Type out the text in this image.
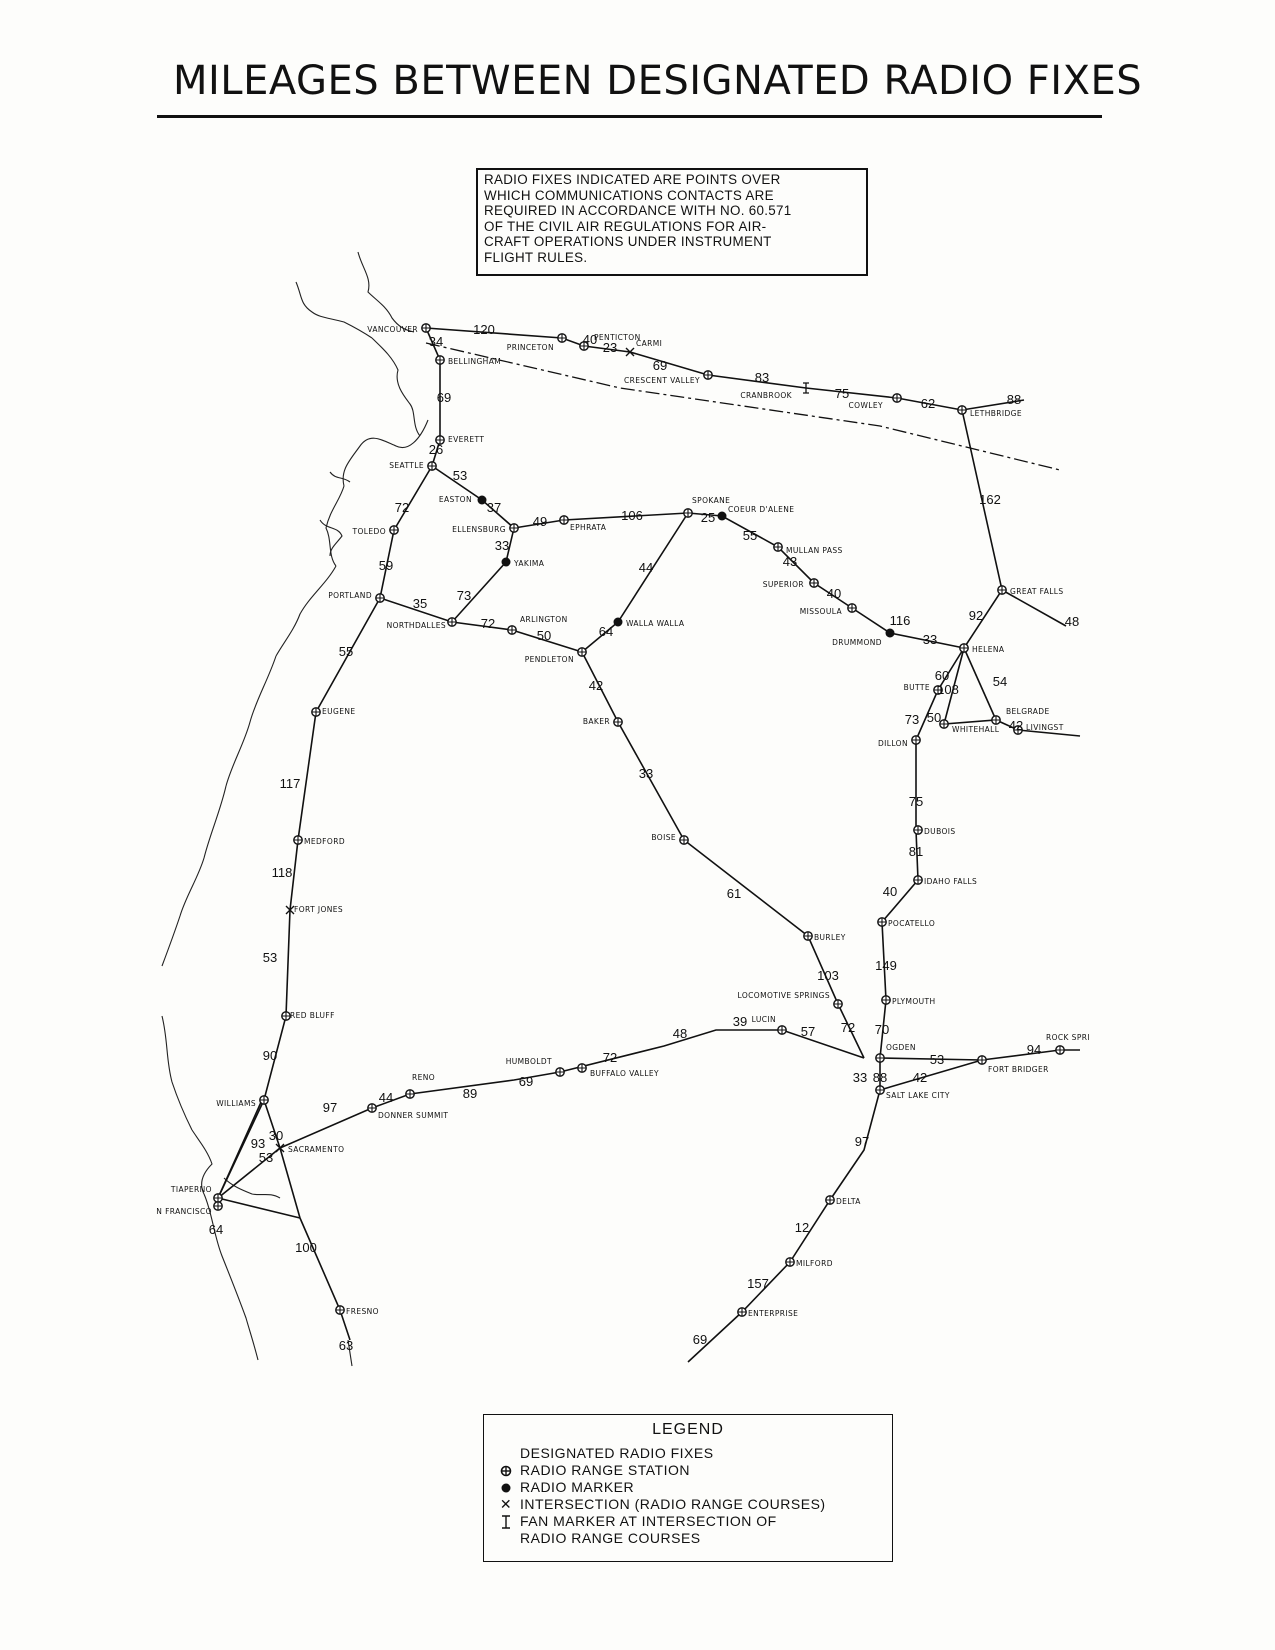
MILEAGES BETWEEN DESIGNATED RADIO FIXES
RADIO FIXES INDICATED ARE POINTS OVER
WHICH COMMUNICATIONS CONTACTS ARE
REQUIRED IN ACCORDANCE WITH NO. 60.571
OF THE CIVIL AIR REGULATIONS FOR AIR-
CRAFT OPERATIONS UNDER INSTRUMENT
FLIGHT RULES.
VANCOUVER
PRINCETON
PENTICTON
CARMI
BELLINGHAM
CRESCENT VALLEY
CRANBROOK
COWLEY
LETHBRIDGE
EVERETT
SEATTLE
EASTON
ELLENSBURG	EPHRATA
SPOKANE
COEUR D'ALENE
MULLAN PASS
TOLEDO
YAKIMA
SUPERIOR
MISSOULA
GREAT FALLS
PORTLAND
NORTHDALLES
ARLINGTON	WALLA WALLA
PENDLETON
DRUMMOND
HELENA
BUTTE
WHITEHALL
BELGRADE
LIVINGST
DILLON
EUGENE
BAKER
DUBOIS
IDAHO FALLS
MEDFORD	BOISE
FORT JONES
POCATELLO
BURLEY
PLYMOUTH
LOCOMOTIVE SPRINGS
RED BLUFF	LUCIN
ROCK SPRI
OGDEN
FORT BRIDGER
HUMBOLDT
BUFFALO VALLEY
RENO
DONNER SUMMIT
WILLIAMS
SALT LAKE CITY
SACRAMENTO
TIAPERNO
N FRANCISCO
DELTA
MILFORD
ENTERPRISE
FRESNO
120
40
23
69
83
75
62	88
34
69
26
53
37
49	106	25
55
72
33
43
40
162
59
73
35
72
50	64
44
116	48
92
33
60
55
108
54
73 50
42
42
33
75
117
81
118
40
61
53
149
103
70
72
48
39
57
53
94
90	72
69
89
44
97
33 88 42
30
93
53
97
64
100
12
157
69
63
LEGEND
DESIGNATED RADIO FIXES
RADIO RANGE STATION
RADIO MARKER
✕ INTERSECTION (RADIO RANGE COURSES)
FAN MARKER AT INTERSECTION OF
RADIO RANGE COURSES
